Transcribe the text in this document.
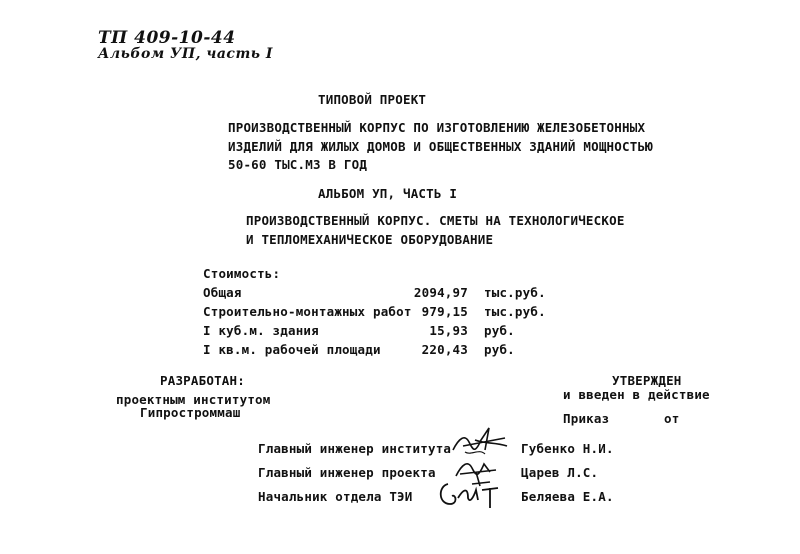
ТП 409-10-44
Альбом УП, часть I
ТИПОВОЙ ПРОЕКТ
ПРОИЗВОДСТВЕННЫЙ КОРПУС ПО ИЗГОТОВЛЕНИЮ ЖЕЛЕЗОБЕТОННЫХ
ИЗДЕЛИЙ ДЛЯ ЖИЛЫХ ДОМОВ И ОБЩЕСТВЕННЫХ ЗДАНИЙ МОЩНОСТЬЮ
50-60 ТЫС.М3 В ГОД
АЛЬБОМ УП, ЧАСТЬ I
ПРОИЗВОДСТВЕННЫЙ КОРПУС. СМЕТЫ НА ТЕХНОЛОГИЧЕСКОЕ
И ТЕПЛОМЕХАНИЧЕСКОЕ ОБОРУДОВАНИЕ
Стоимость:
Общая	2094,97 тыс.руб.
Строительно-монтажных работ 979,15 тыс.руб.
I куб.м. здания	15,93 руб.
I кв.м. рабочей площади	220,43 руб.
РАЗРАБОТАН:
проектным институтом
Гипростроммаш
УТВЕРЖДЕН
и введен в действие
Приказ	от
Главный инженер института	Губенко Н.И.
Главный инженер проекта	Царев Л.С.
Начальник отдела ТЭИ	Беляева Е.А.
